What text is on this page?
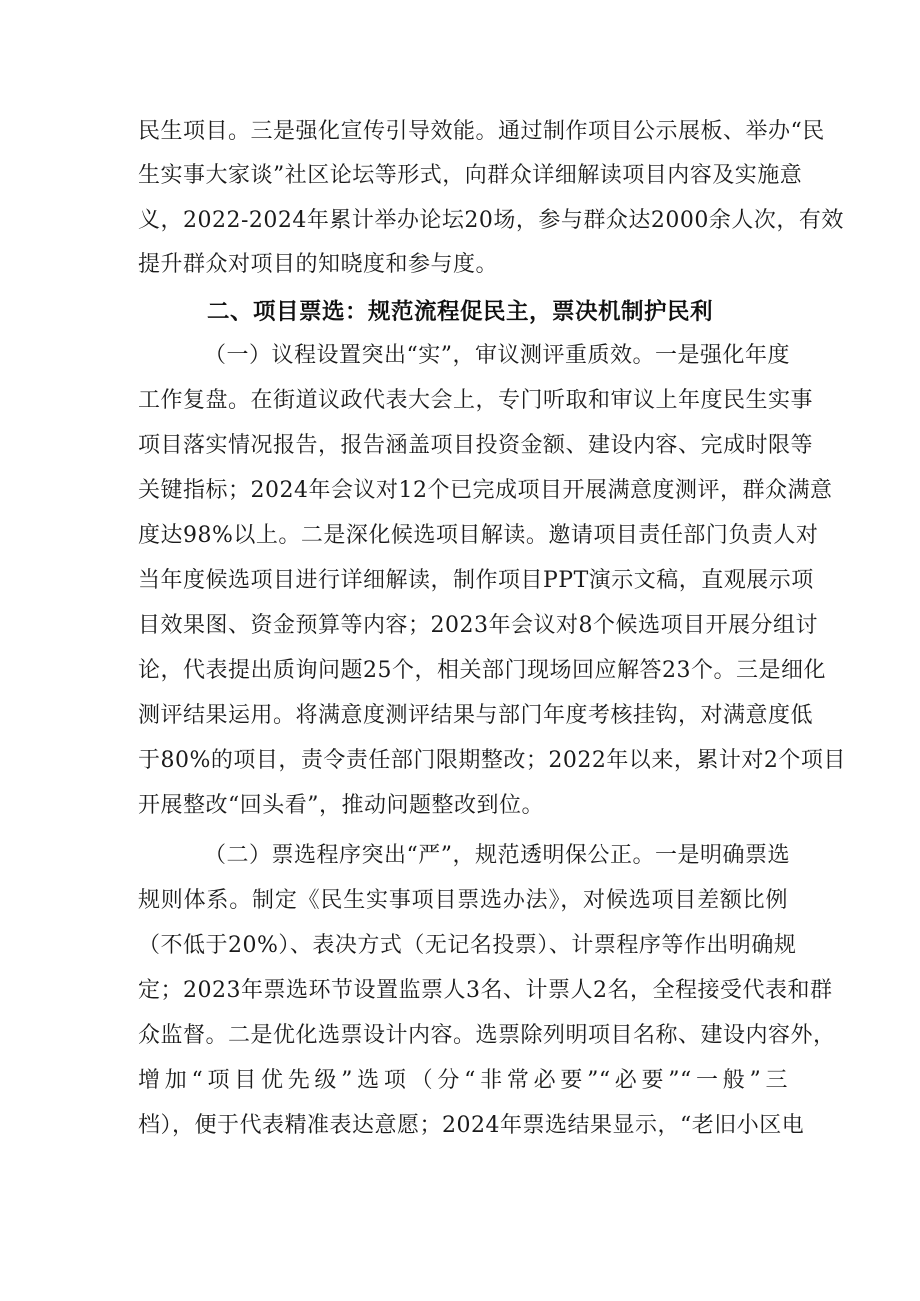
民生项目。三是强化宣传引导效能。通过制作项目公示展板、举办“民
生实事大家谈”社区论坛等形式，向群众详细解读项目内容及实施意
义，2022-2024年累计举办论坛20场，参与群众达2000余人次，有效
提升群众对项目的知晓度和参与度。
二、项目票选：规范流程促民主，票决机制护民利
（一）议程设置突出“实”，审议测评重质效。一是强化年度
工作复盘。在街道议政代表大会上，专门听取和审议上年度民生实事
项目落实情况报告，报告涵盖项目投资金额、建设内容、完成时限等
关键指标；2024年会议对12个已完成项目开展满意度测评，群众满意
度达98%以上。二是深化候选项目解读。邀请项目责任部门负责人对
当年度候选项目进行详细解读，制作项目PPT演示文稿，直观展示项
目效果图、资金预算等内容；2023年会议对8个候选项目开展分组讨
论，代表提出质询问题25个，相关部门现场回应解答23个。三是细化
测评结果运用。将满意度测评结果与部门年度考核挂钩，对满意度低
于80%的项目，责令责任部门限期整改；2022年以来，累计对2个项目
开展整改“回头看”，推动问题整改到位。
（二）票选程序突出“严”，规范透明保公正。一是明确票选
规则体系。制定《民生实事项目票选办法》，对候选项目差额比例
（不低于20%）、表决方式（无记名投票）、计票程序等作出明确规
定；2023年票选环节设置监票人3名、计票人2名，全程接受代表和群
众监督。二是优化选票设计内容。选票除列明项目名称、建设内容外，
增加“项目优先级”选项（分“非常必要”“必要”“一般”三
档），便于代表精准表达意愿；2024年票选结果显示，“老旧小区电
